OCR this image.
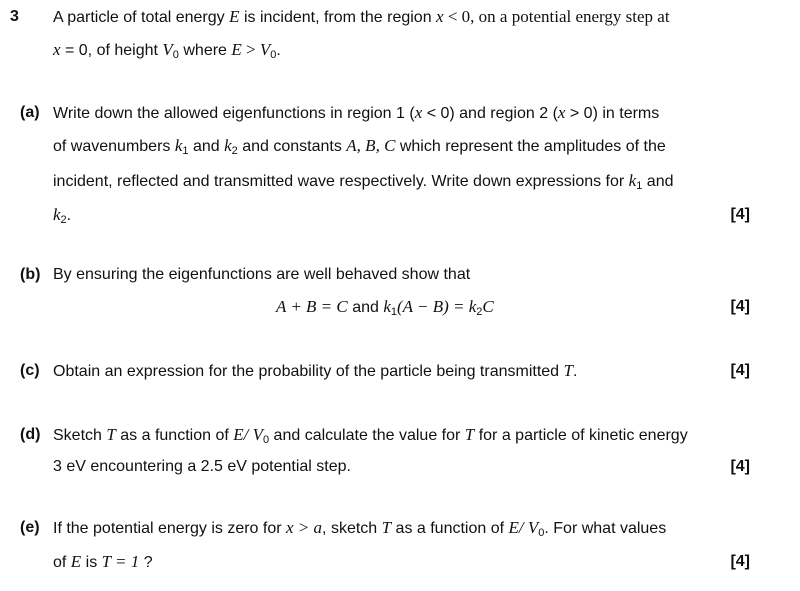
3 A particle of total energy E is incident, from the region x < 0, on a potential energy step at
x = 0, of height $V_0$ where $E > V_0$.
(a) Write down the allowed eigenfunctions in region 1 (x < 0) and region 2 (x > 0) in terms
of wavenumbers $k_1$ and $k_2$ and constants A, B, C which represent the amplitudes of the
incident, reflected and transmitted wave respectively. Write down expressions for $k_1$ and
$k_2$.	[4]
(b) By ensuring the eigenfunctions are well behaved show that
A + B = C and $k_1(A - B) = k_2C$	[4]
(c) Obtain an expression for the probability of the particle being transmitted T.	[4]
(d) Sketch T as a function of E/ $V_0$ and calculate the value for T for a particle of kinetic energy
3 eV encountering a 2.5 eV potential step.	[4]
(e) If the potential energy is zero for x > a, sketch T as a function of E/ $V_0$. For what values
of E is T = 1 ?	[4]
